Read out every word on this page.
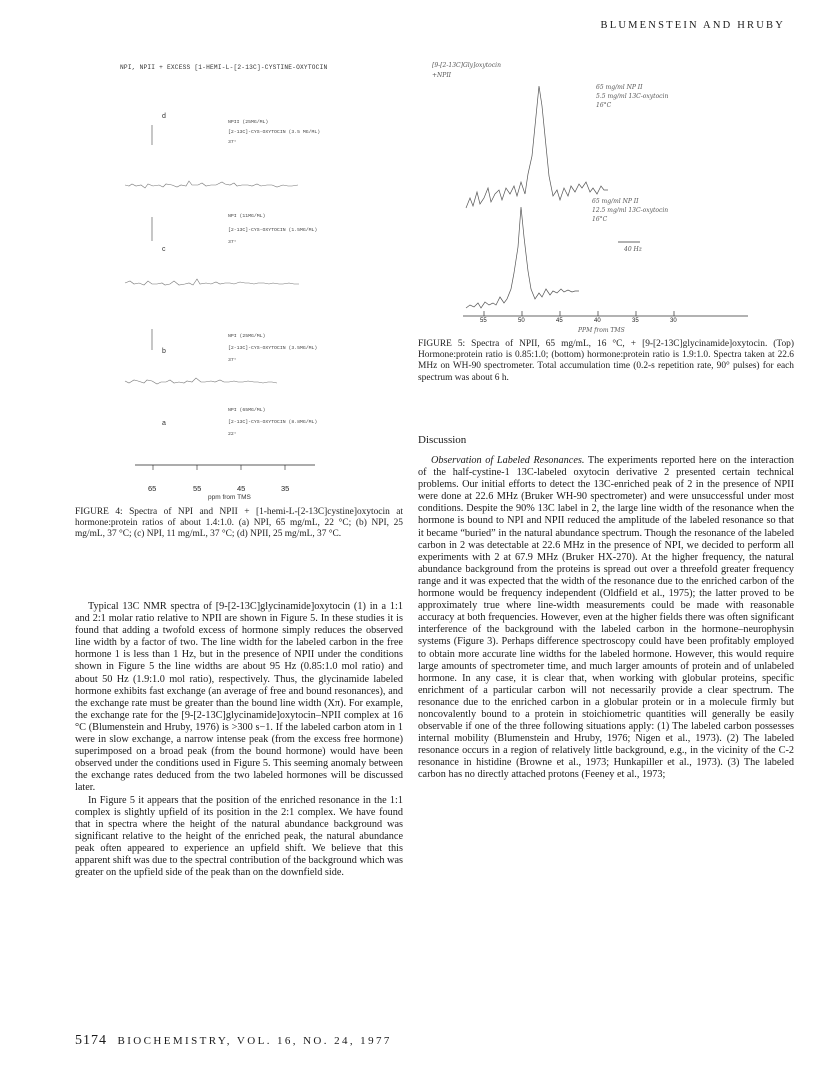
BLUMENSTEIN AND HRUBY
NPI, NPII + EXCESS [1-HEMI-L-[2-13C]-CYSTINE-OXYTOCIN
d
NPII (25MG/ML)
[2-13C]-CYS-OXYTOCIN (3.5 MG/ML)
37°
c
NPI (11MG/ML)
[2-13C]-CYS-OXYTOCIN (1.5MG/ML)
37°
b
NPI (25MG/ML)
[2-13C]-CYS-OXYTOCIN (3.5MG/ML)
37°
a
NPI (65MG/ML)
[2-13C]-CYS-OXYTOCIN (8.8MG/ML)
22°
65	55	45	35
ppm from TMS
FIGURE 4: Spectra of NPI and NPII + [1-hemi-L-[2-13C]cystine]oxytocin at hormone:protein ratios of about 1.4:1.0. (a) NPI, 65 mg/mL, 22 °C; (b) NPI, 25 mg/mL, 37 °C; (c) NPI, 11 mg/mL, 37 °C; (d) NPII, 25 mg/mL, 37 °C.
[9-[2-13C]Gly]oxytocin
+NPII
65 mg/ml NP II
5.5 mg/ml 13C-oxytocin
16°C
65 mg/ml NP II
12.5 mg/ml 13C-oxytocin
16°C
40 Hz
55	50	45	40	35	30
PPM from TMS
FIGURE 5: Spectra of NPII, 65 mg/mL, 16 °C, + [9-[2-13C]glycinamide]oxytocin. (Top) Hormone:protein ratio is 0.85:1.0; (bottom) hormone:protein ratio is 1.9:1.0. Spectra taken at 22.6 MHz on WH-90 spectrometer. Total accumulation time (0.2-s repetition rate, 90° pulses) for each spectrum was about 6 h.

Typical 13C NMR spectra of [9-[2-13C]glycinamide]oxytocin (1) in a 1:1 and 2:1 molar ratio relative to NPII are shown in Figure 5. In these studies it is found that adding a twofold excess of hormone simply reduces the observed line width by a factor of two. The line width for the labeled carbon in the free hormone 1 is less than 1 Hz, but in the presence of NPII under the conditions shown in Figure 5 the line widths are about 95 Hz (0.85:1.0 mol ratio) and about 50 Hz (1.9:1.0 mol ratio), respectively. Thus, the glycinamide labeled hormone exhibits fast exchange (an average of free and bound resonances), and the exchange rate must be greater than the bound line width (Xπ). For example, the exchange rate for the [9-[2-13C]glycinamide]oxytocin–NPII complex at 16 °C (Blumenstein and Hruby, 1976) is >300 s−1. If the labeled carbon atom in 1 were in slow exchange, a narrow intense peak (from the excess free hormone) superimposed on a broad peak (from the bound hormone) would have been observed under the conditions used in Figure 5. This seeming anomaly between the exchange rates deduced from the two labeled hormones will be discussed later.

In Figure 5 it appears that the position of the enriched resonance in the 1:1 complex is slightly upfield of its position in the 2:1 complex. We have found that in spectra where the height of the natural abundance background was significant relative to the height of the enriched peak, the natural abundance peak often appeared to experience an upfield shift. We believe that this apparent shift was due to the spectral contribution of the background which was greater on the upfield side of the peak than on the downfield side.

Discussion

Observation of Labeled Resonances. The experiments reported here on the interaction of the half-cystine-1 13C-labeled oxytocin derivative 2 presented certain technical problems. Our initial efforts to detect the 13C-enriched peak of 2 in the presence of NPII were done at 22.6 MHz (Bruker WH-90 spectrometer) and were unsuccessful under most conditions. Despite the 90% 13C label in 2, the large line width of the resonance when the hormone is bound to NPI and NPII reduced the amplitude of the labeled resonance so that it became “buried” in the natural abundance spectrum. Though the resonance of the labeled carbon in 2 was detectable at 22.6 MHz in the presence of NPI, we decided to perform all experiments with 2 at 67.9 MHz (Bruker HX-270). At the higher frequency, the natural abundance background from the proteins is spread out over a threefold greater frequency range and it was expected that the width of the resonance due to the enriched carbon of the hormone would be frequency independent (Oldfield et al., 1975); the latter proved to be approximately true where line-width measurements could be made with reasonable accuracy at both frequencies. However, even at the higher fields there was often significant interference of the background with the labeled carbon in the hormone–neurophysin systems (Figure 3). Perhaps difference spectroscopy could have been profitably employed to obtain more accurate line widths for the labeled hormone. However, this would require large amounts of spectrometer time, and much larger amounts of protein and of unlabeled hormone. In any case, it is clear that, when working with globular proteins, specific enrichment of a particular carbon will not necessarily provide a clear spectrum. The resonance due to the enriched carbon in a globular protein or in a molecule firmly but noncovalently bound to a protein in stoichiometric quantities will generally be easily observable if one of the three following situations apply: (1) The labeled carbon possesses internal mobility (Blumenstein and Hruby, 1976; Nigen et al., 1973). (2) The labeled resonance occurs in a region of relatively little background, e.g., in the vicinity of the C-2 resonance in histidine (Browne et al., 1973; Hunkapiller et al., 1973). (3) The labeled carbon has no directly attached protons (Feeney et al., 1973;

5174 BIOCHEMISTRY, VOL. 16, NO. 24, 1977
